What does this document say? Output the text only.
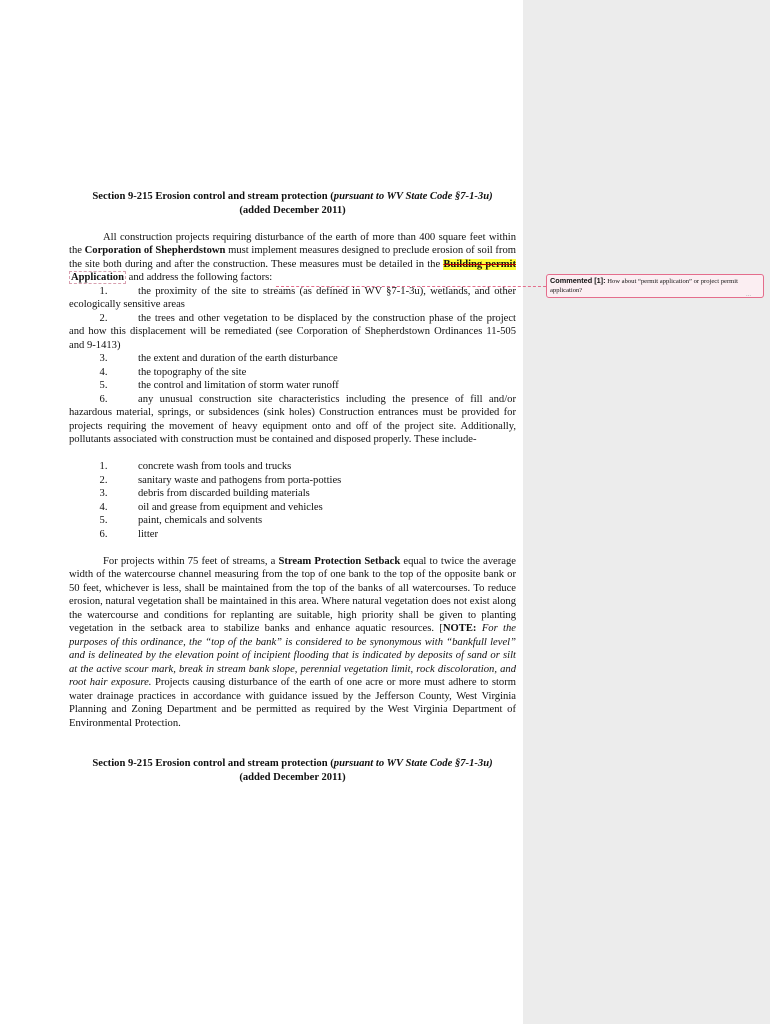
Section 9-215 Erosion control and stream protection (pursuant to WV State Code §7-1-3u)
(added December 2011)

All construction projects requiring disturbance of the earth of more than 400 square feet within the Corporation of Shepherdstown must implement measures designed to preclude erosion of soil from the site both during and after the construction. These measures must be detailed in the Building permit Application and address the following factors:

1.	the proximity of the site to streams (as defined in WV §7-1-3u), wetlands, and other ecologically sensitive areas

2.	the trees and other vegetation to be displaced by the construction phase of the project and how this displacement will be remediated (see Corporation of Shepherdstown Ordinances 11-505 and 9-1413)

3.	the extent and duration of the earth disturbance

4.	the topography of the site

5.	the control and limitation of storm water runoff

6.	any unusual construction site characteristics including the presence of fill and/or hazardous material, springs, or subsidences (sink holes) Construction entrances must be provided for projects requiring the movement of heavy equipment onto and off of the project site. Additionally, pollutants associated with construction must be contained and disposed properly. These include-

1.	concrete wash from tools and trucks
2.	sanitary waste and pathogens from porta-potties
3.	debris from discarded building materials
4.	oil and grease from equipment and vehicles
5.	paint, chemicals and solvents
6.	litter

For projects within 75 feet of streams, a Stream Protection Setback equal to twice the average width of the watercourse channel measuring from the top of one bank to the top of the opposite bank or 50 feet, whichever is less, shall be maintained from the top of the banks of all watercourses. To reduce erosion, natural vegetation shall be maintained in this area. Where natural vegetation does not exist along the watercourse and conditions for replanting are suitable, high priority shall be given to planting vegetation in the setback area to stabilize banks and enhance aquatic resources. [NOTE: For the purposes of this ordinance, the “top of the bank” is considered to be synonymous with “bankfull level” and is delineated by the elevation point of incipient flooding that is indicated by deposits of sand or silt at the active scour mark, break in stream bank slope, perennial vegetation limit, rock discoloration, and root hair exposure. Projects causing disturbance of the earth of one acre or more must adhere to storm water drainage practices in accordance with guidance issued by the Jefferson County, West Virginia Planning and Zoning Department and be permitted as required by the West Virginia Department of Environmental Protection.

Section 9-215 Erosion control and stream protection (pursuant to WV State Code §7-1-3u)
(added December 2011)
Commented [1]: How about “permit application” or project permit application?
...
